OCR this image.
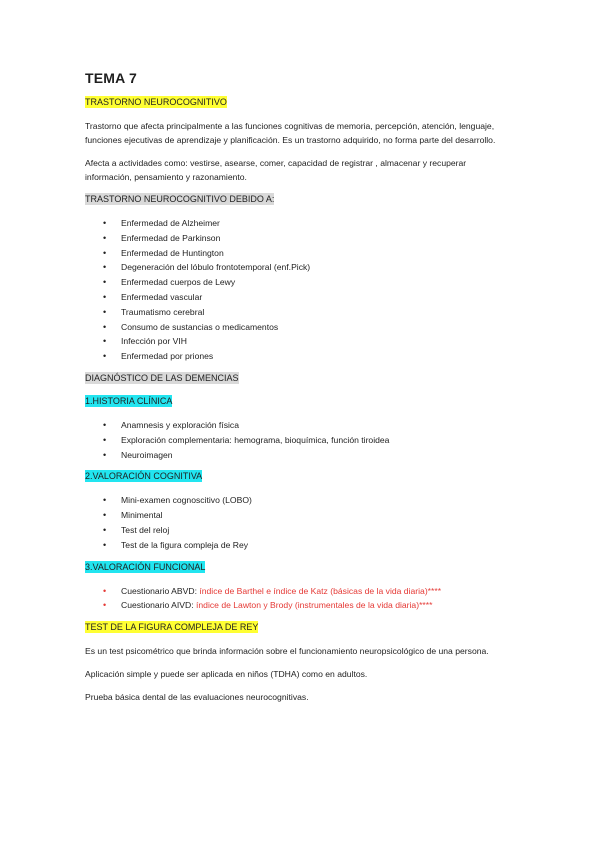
TEMA 7
TRASTORNO NEUROCOGNITIVO

Trastorno que afecta principalmente a las funciones cognitivas de memoria, percepción, atención, lenguaje, funciones ejecutivas de aprendizaje y planificación. Es un trastorno adquirido, no forma parte del desarrollo.

Afecta a actividades como: vestirse, asearse, comer, capacidad de registrar , almacenar y recuperar información, pensamiento y razonamiento.

TRASTORNO NEUROCOGNITIVO DEBIDO A:
• Enfermedad de Alzheimer
• Enfermedad de Parkinson
• Enfermedad de Huntington
• Degeneración del lóbulo frontotemporal (enf.Pick)
• Enfermedad cuerpos de Lewy
• Enfermedad vascular
• Traumatismo cerebral
• Consumo de sustancias o medicamentos
• Infección por VIH
• Enfermedad por priones
DIAGNÓSTICO DE LAS DEMENCIAS
1.HISTORIA CLÍNICA
• Anamnesis y exploración física
• Exploración complementaria: hemograma, bioquímica, función tiroidea
• Neuroimagen
2.VALORACIÓN COGNITIVA
• Mini-examen cognoscitivo (LOBO)
• Minimental
• Test del reloj
• Test de la figura compleja de Rey
3.VALORACIÓN FUNCIONAL
• Cuestionario ABVD: índice de Barthel e índice de Katz (básicas de la vida diaria)****
• Cuestionario AIVD: índice de Lawton y Brody (instrumentales de la vida diaria)****
TEST DE LA FIGURA COMPLEJA DE REY

Es un test psicométrico que brinda información sobre el funcionamiento neuropsicológico de una persona.

Aplicación simple y puede ser aplicada en niños (TDHA) como en adultos.

Prueba básica dental de las evaluaciones neurocognitivas.
